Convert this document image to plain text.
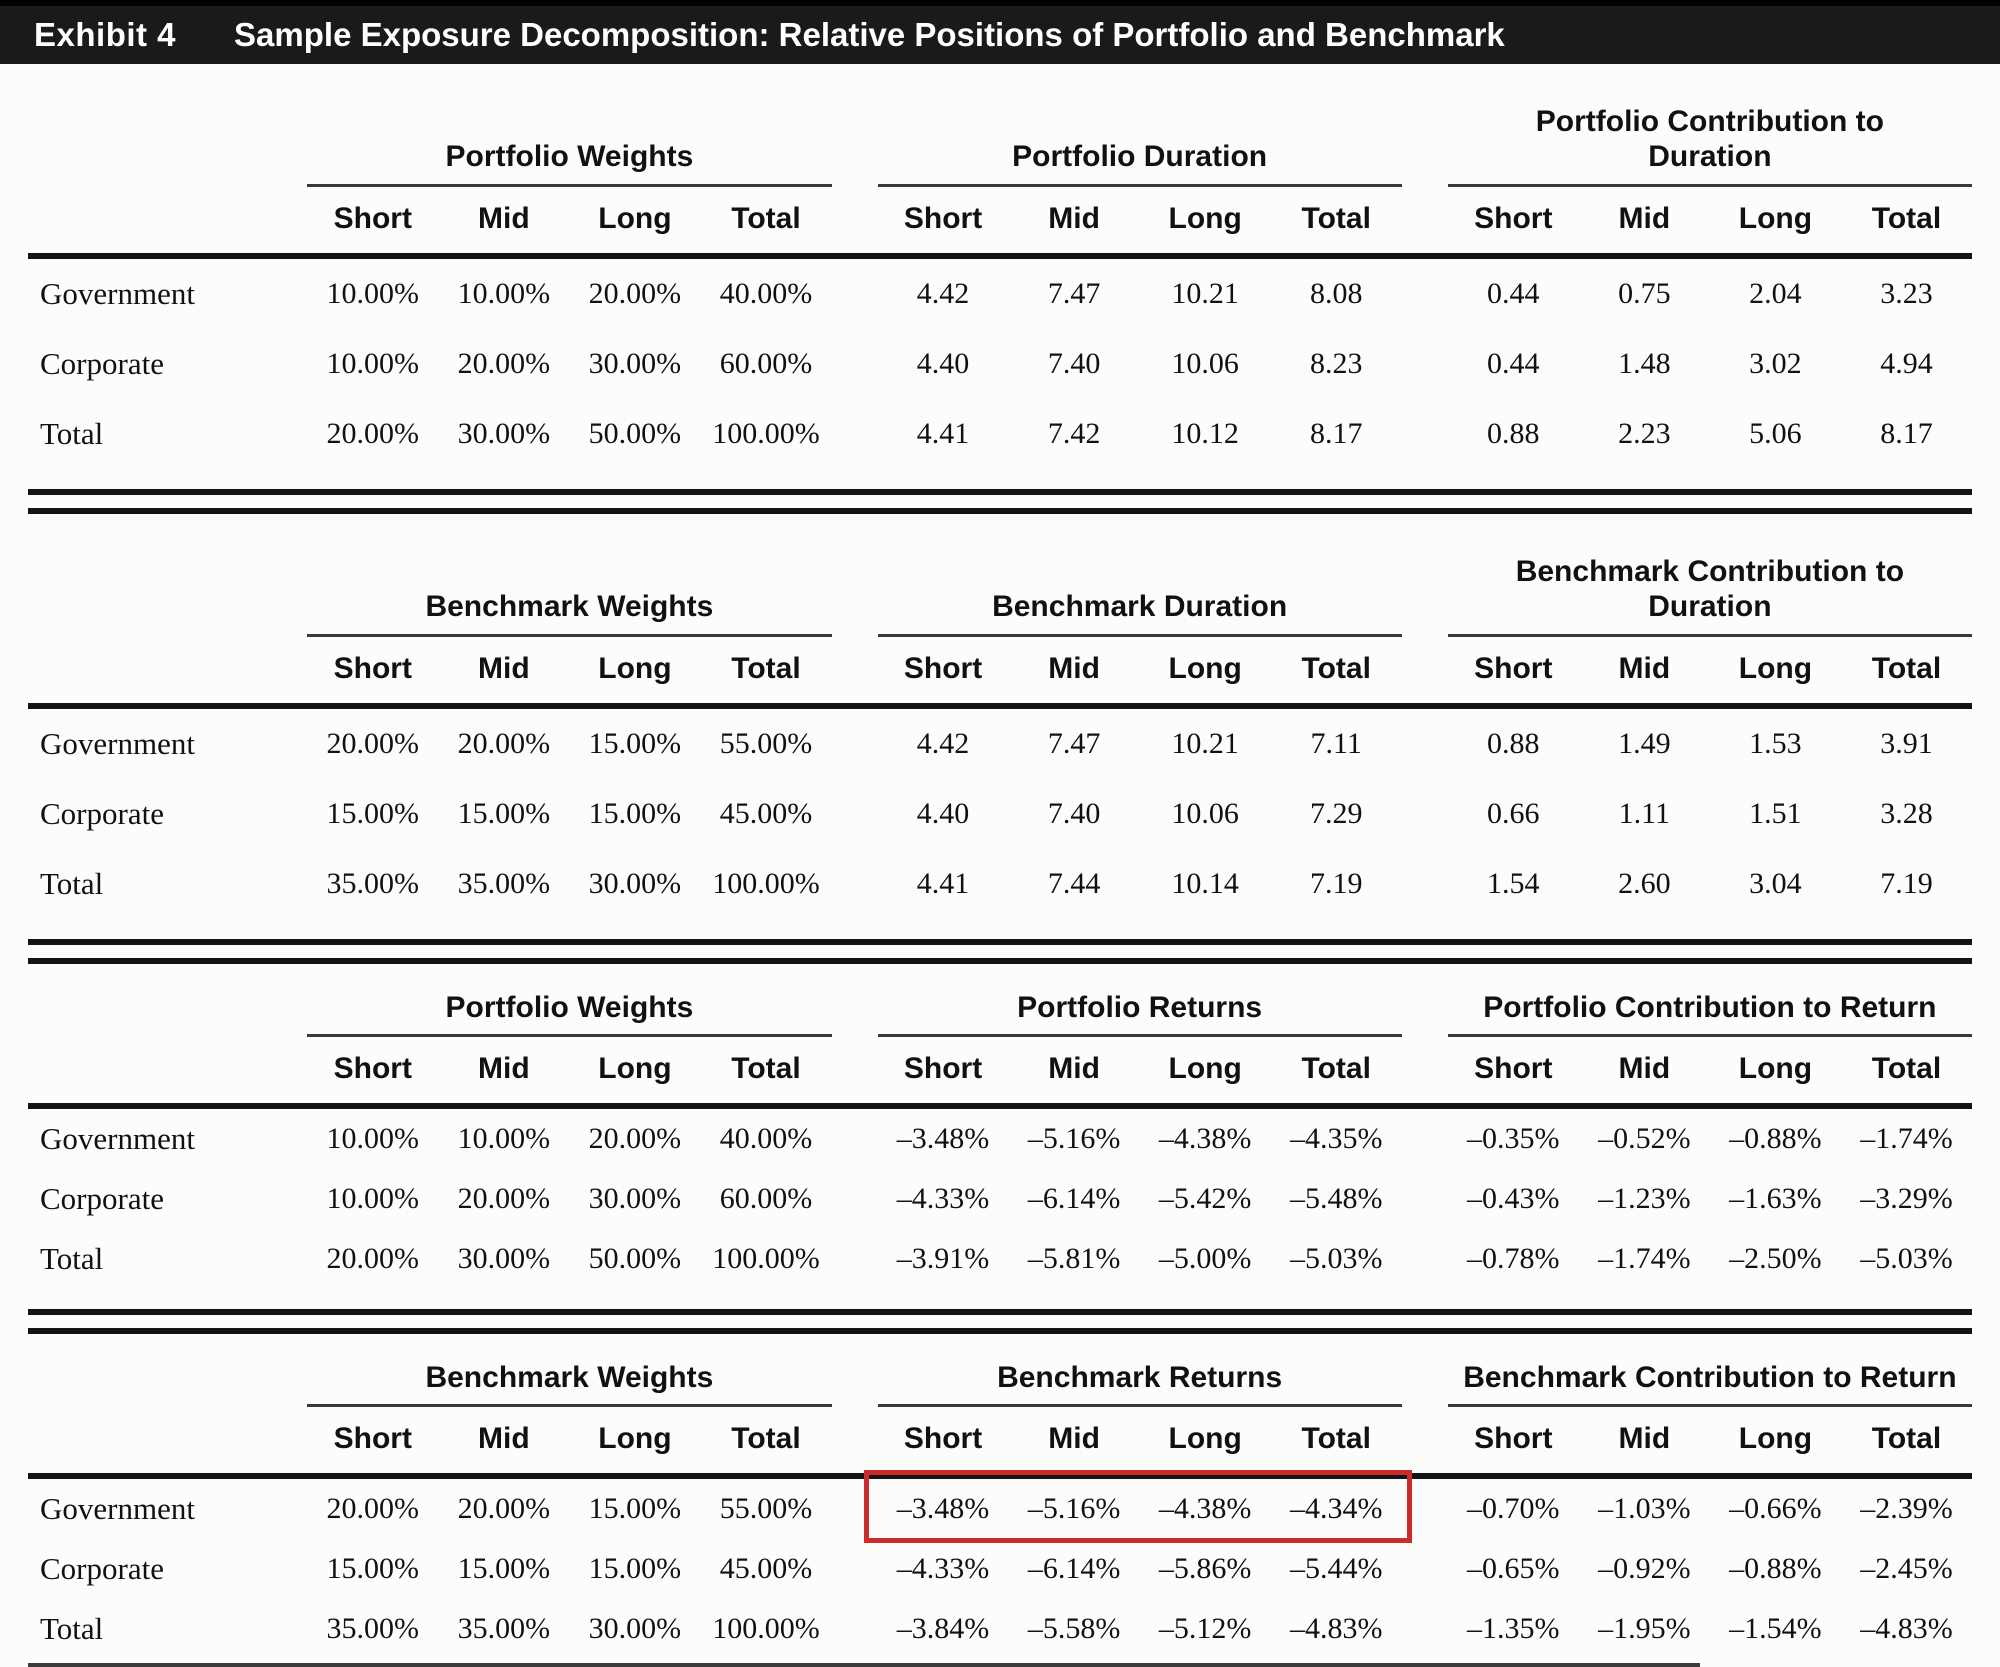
Exhibit 4 Sample Exposure Decomposition: Relative Positions of Portfolio and Benchmark
Portfolio Weights	Portfolio Duration
Portfolio Contribution to Duration
Short	Mid	Long	Total	Short	Mid	Long	Total	Short	Mid	Long	Total
Government	10.00%	10.00%	20.00%	40.00%	4.42	7.47	10.21	8.08	0.44	0.75	2.04	3.23
Corporate	10.00%	20.00%	30.00%	60.00%	4.40	7.40	10.06	8.23	0.44	1.48	3.02	4.94
Total	20.00%	30.00%	50.00%	100.00%	4.41	7.42	10.12	8.17	0.88	2.23	5.06	8.17
Benchmark Weights	Benchmark Duration
Benchmark Contribution to Duration
Short	Mid	Long	Total	Short	Mid	Long	Total	Short	Mid	Long	Total
Government	20.00%	20.00%	15.00%	55.00%	4.42	7.47	10.21	7.11	0.88	1.49	1.53	3.91
Corporate	15.00%	15.00%	15.00%	45.00%	4.40	7.40	10.06	7.29	0.66	1.11	1.51	3.28
Total	35.00%	35.00%	30.00%	100.00%	4.41	7.44	10.14	7.19	1.54	2.60	3.04	7.19
Portfolio Weights	Portfolio Returns	Portfolio Contribution to Return
Short	Mid	Long	Total	Short	Mid	Long	Total	Short	Mid	Long	Total
Government	10.00%	10.00%	20.00%	40.00%	–3.48%	–5.16%	–4.38%	–4.35%	–0.35%	–0.52%	–0.88%	–1.74%
Corporate	10.00%	20.00%	30.00%	60.00%	–4.33%	–6.14%	–5.42%	–5.48%	–0.43%	–1.23%	–1.63%	–3.29%
Total	20.00%	30.00%	50.00%	100.00%	–3.91%	–5.81%	–5.00%	–5.03%	–0.78%	–1.74%	–2.50%	–5.03%
Benchmark Weights	Benchmark Returns	Benchmark Contribution to Return
Short	Mid	Long	Total	Short	Mid	Long	Total	Short	Mid	Long	Total
Government	20.00%	20.00%	15.00%	55.00%	–3.48%	–5.16%	–4.38%	–4.34%	–0.70%	–1.03%	–0.66%	–2.39%
Corporate	15.00%	15.00%	15.00%	45.00%	–4.33%	–6.14%	–5.86%	–5.44%	–0.65%	–0.92%	–0.88%	–2.45%
Total	35.00%	35.00%	30.00%	100.00%	–3.84%	–5.58%	–5.12%	–4.83%	–1.35%	–1.95%	–1.54%	–4.83%
